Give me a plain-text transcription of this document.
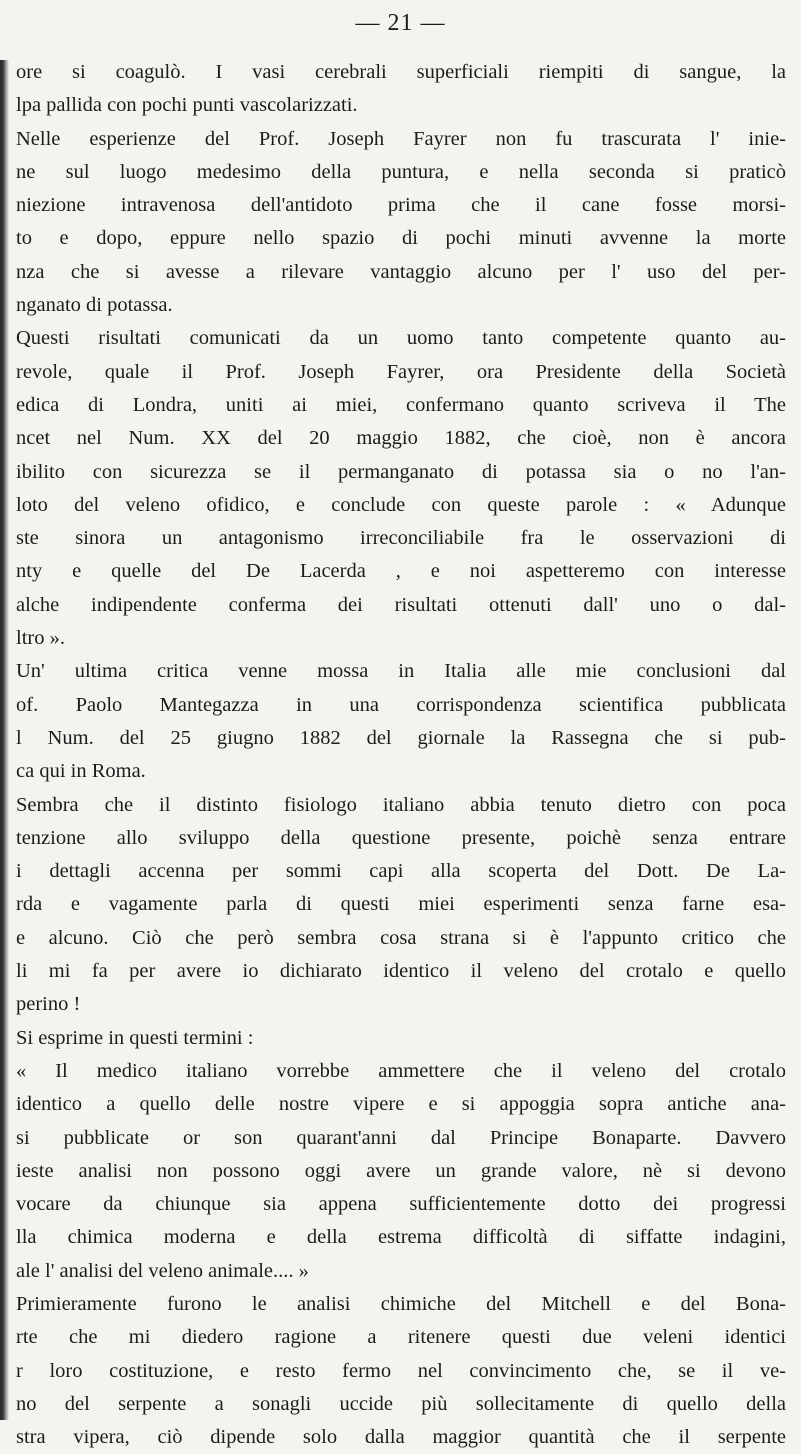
— 21 —
ore si coagulò. I vasi cerebrali superficiali riempiti di sangue, la
lpa pallida con pochi punti vascolarizzati.
Nelle esperienze del Prof. Joseph Fayrer non fu trascurata l' inie-
ne sul luogo medesimo della puntura, e nella seconda si praticò
niezione intravenosa dell'antidoto prima che il cane fosse morsi-
to e dopo, eppure nello spazio di pochi minuti avvenne la morte
nza che si avesse a rilevare vantaggio alcuno per l' uso del per-
nganato di potassa.
Questi risultati comunicati da un uomo tanto competente quanto au-
revole, quale il Prof. Joseph Fayrer, ora Presidente della Società
edica di Londra, uniti ai miei, confermano quanto scriveva il The
ncet nel Num. XX del 20 maggio 1882, che cioè, non è ancora
ibilito con sicurezza se il permanganato di potassa sia o no l'an-
loto del veleno ofidico, e conclude con queste parole : « Adunque
ste sinora un antagonismo irreconciliabile fra le osservazioni di
nty e quelle del De Lacerda , e noi aspetteremo con interesse
alche indipendente conferma dei risultati ottenuti dall' uno o dal-
ltro ».
Un' ultima critica venne mossa in Italia alle mie conclusioni dal
of. Paolo Mantegazza in una corrispondenza scientifica pubblicata
l Num. del 25 giugno 1882 del giornale la Rassegna che si pub-
ca qui in Roma.
Sembra che il distinto fisiologo italiano abbia tenuto dietro con poca
tenzione allo sviluppo della questione presente, poichè senza entrare
i dettagli accenna per sommi capi alla scoperta del Dott. De La-
rda e vagamente parla di questi miei esperimenti senza farne esa-
e alcuno. Ciò che però sembra cosa strana si è l'appunto critico che
li mi fa per avere io dichiarato identico il veleno del crotalo e quello
perino !
Si esprime in questi termini :
« Il medico italiano vorrebbe ammettere che il veleno del crotalo
identico a quello delle nostre vipere e si appoggia sopra antiche ana-
si pubblicate or son quarant'anni dal Principe Bonaparte. Davvero
ieste analisi non possono oggi avere un grande valore, nè si devono
vocare da chiunque sia appena sufficientemente dotto dei progressi
lla chimica moderna e della estrema difficoltà di siffatte indagini,
ale l' analisi del veleno animale.... »
Primieramente furono le analisi chimiche del Mitchell e del Bona-
rte che mi diedero ragione a ritenere questi due veleni identici
r loro costituzione, e resto fermo nel convincimento che, se il ve-
no del serpente a sonagli uccide più sollecitamente di quello della
stra vipera, ciò dipende solo dalla maggior quantità che il serpente
